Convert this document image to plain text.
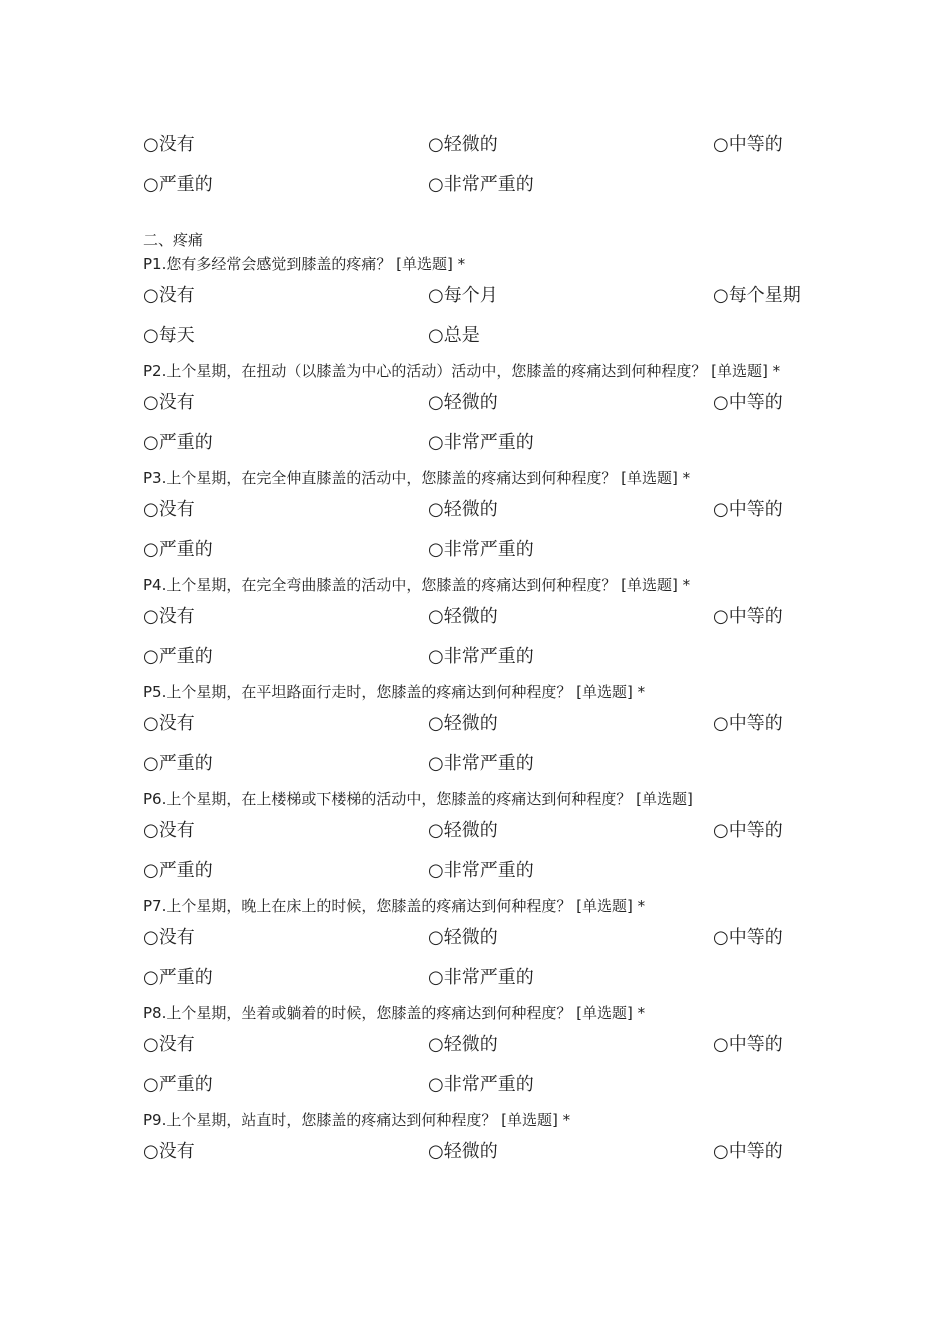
○没有	○轻微的	○中等的
○严重的	○非常严重的
二、疼痛
P1.您有多经常会感觉到膝盖的疼痛？ [单选题] *
○没有	○每个月	○每个星期
○每天	○总是
P2.上个星期，在扭动（以膝盖为中心的活动）活动中，您膝盖的疼痛达到何种程度？ [单选题] *
○没有	○轻微的	○中等的
○严重的	○非常严重的
P3.上个星期，在完全伸直膝盖的活动中，您膝盖的疼痛达到何种程度？ [单选题] *
○没有	○轻微的	○中等的
○严重的	○非常严重的
P4.上个星期，在完全弯曲膝盖的活动中，您膝盖的疼痛达到何种程度？ [单选题] *
○没有	○轻微的	○中等的
○严重的	○非常严重的
P5.上个星期，在平坦路面行走时，您膝盖的疼痛达到何种程度？ [单选题] *
○没有	○轻微的	○中等的
○严重的	○非常严重的
P6.上个星期，在上楼梯或下楼梯的活动中，您膝盖的疼痛达到何种程度？ [单选题]
○没有	○轻微的	○中等的
○严重的	○非常严重的
P7.上个星期，晚上在床上的时候，您膝盖的疼痛达到何种程度？ [单选题] *
○没有	○轻微的	○中等的
○严重的	○非常严重的
P8.上个星期，坐着或躺着的时候，您膝盖的疼痛达到何种程度？ [单选题] *
○没有	○轻微的	○中等的
○严重的	○非常严重的
P9.上个星期，站直时，您膝盖的疼痛达到何种程度？ [单选题] *
○没有	○轻微的	○中等的
